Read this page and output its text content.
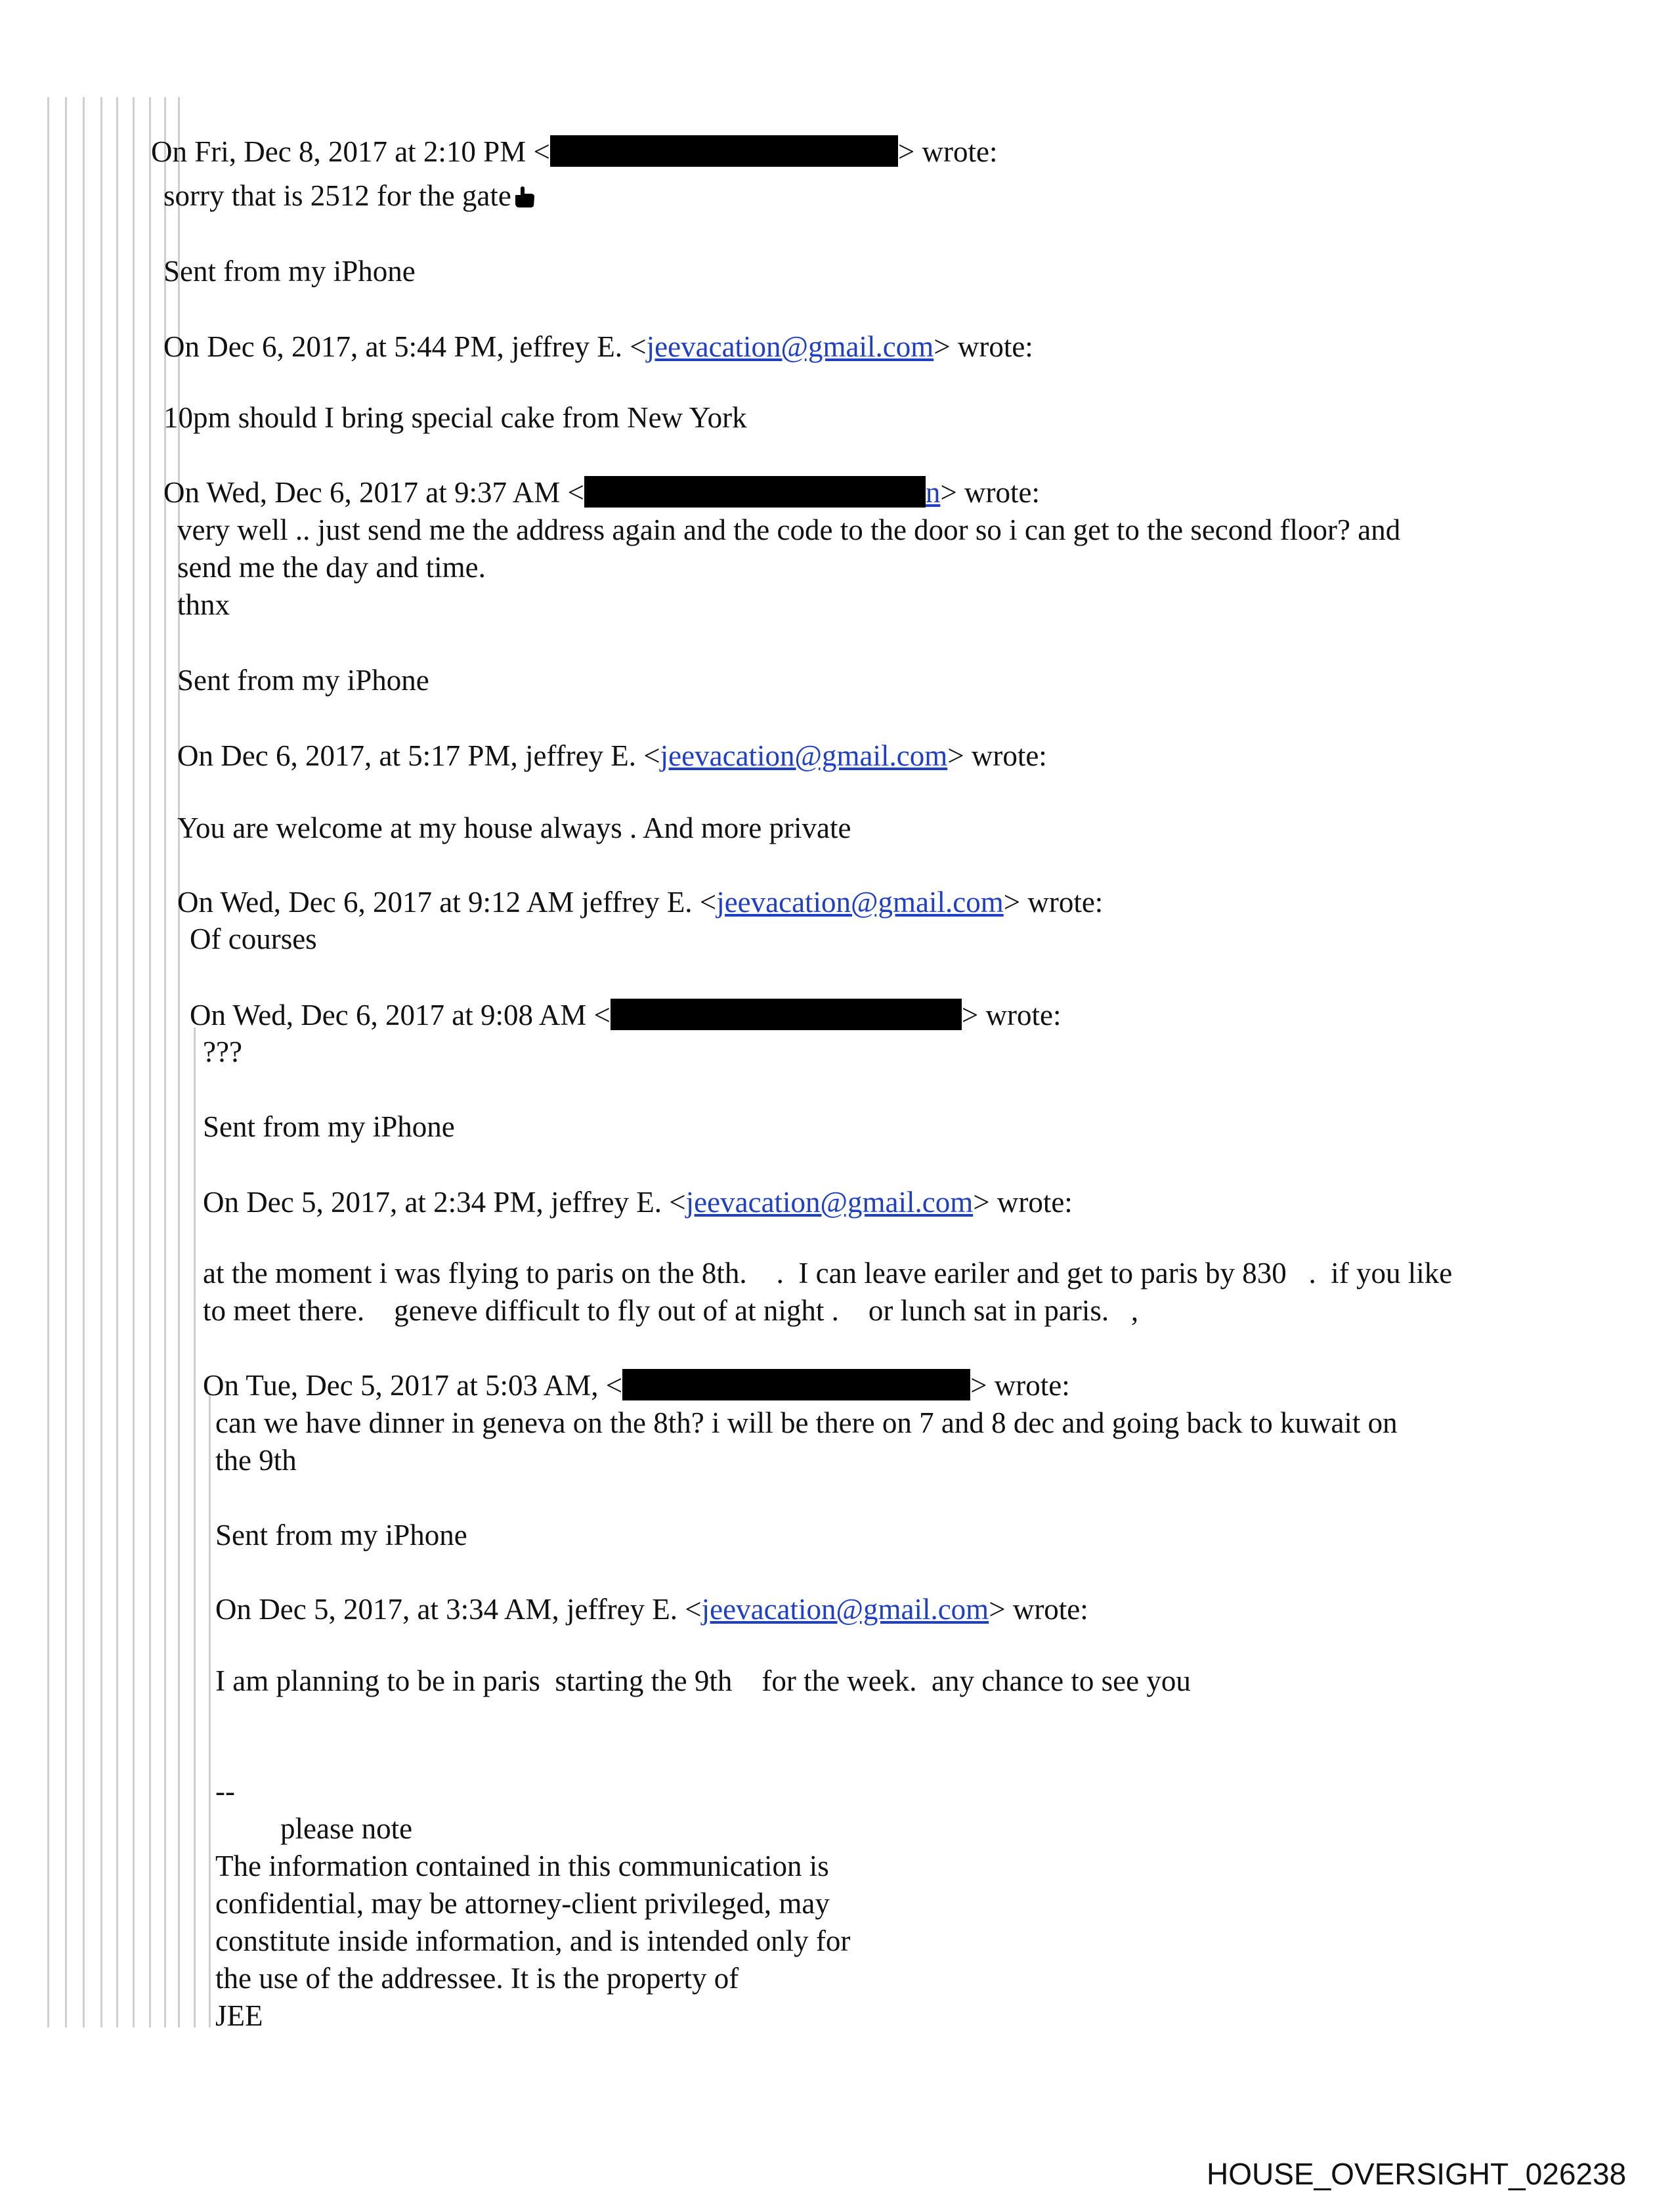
On Fri, Dec 8, 2017 at 2:10 PM <	> wrote:
sorry that is 2512 for the gate
Sent from my iPhone
On Dec 6, 2017, at 5:44 PM, jeffrey E. <jeevacation@gmail.com> wrote:
10pm should I bring special cake from New York
On Wed, Dec 6, 2017 at 9:37 AM <	n> wrote:
very well .. just send me the address again and the code to the door so i can get to the second floor? and
send me the day and time.
thnx
Sent from my iPhone
On Dec 6, 2017, at 5:17 PM, jeffrey E. <jeevacation@gmail.com> wrote:
You are welcome at my house always . And more private
On Wed, Dec 6, 2017 at 9:12 AM jeffrey E. <jeevacation@gmail.com> wrote:
Of courses
On Wed, Dec 6, 2017 at 9:08 AM <	> wrote:
???
Sent from my iPhone
On Dec 5, 2017, at 2:34 PM, jeffrey E. <jeevacation@gmail.com> wrote:
at the moment i was flying to paris on the 8th.    .  I can leave eariler and get to paris by 830   .  if you like
to meet there.    geneve difficult to fly out of at night .    or lunch sat in paris.   ,
On Tue, Dec 5, 2017 at 5:03 AM, <	> wrote:
can we have dinner in geneva on the 8th? i will be there on 7 and 8 dec and going back to kuwait on
the 9th
Sent from my iPhone
On Dec 5, 2017, at 3:34 AM, jeffrey E. <jeevacation@gmail.com> wrote:
I am planning to be in paris  starting the 9th    for the week.  any chance to see you
--
please note
The information contained in this communication is
confidential, may be attorney-client privileged, may
constitute inside information, and is intended only for
the use of the addressee. It is the property of
JEE
HOUSE_OVERSIGHT_026238
